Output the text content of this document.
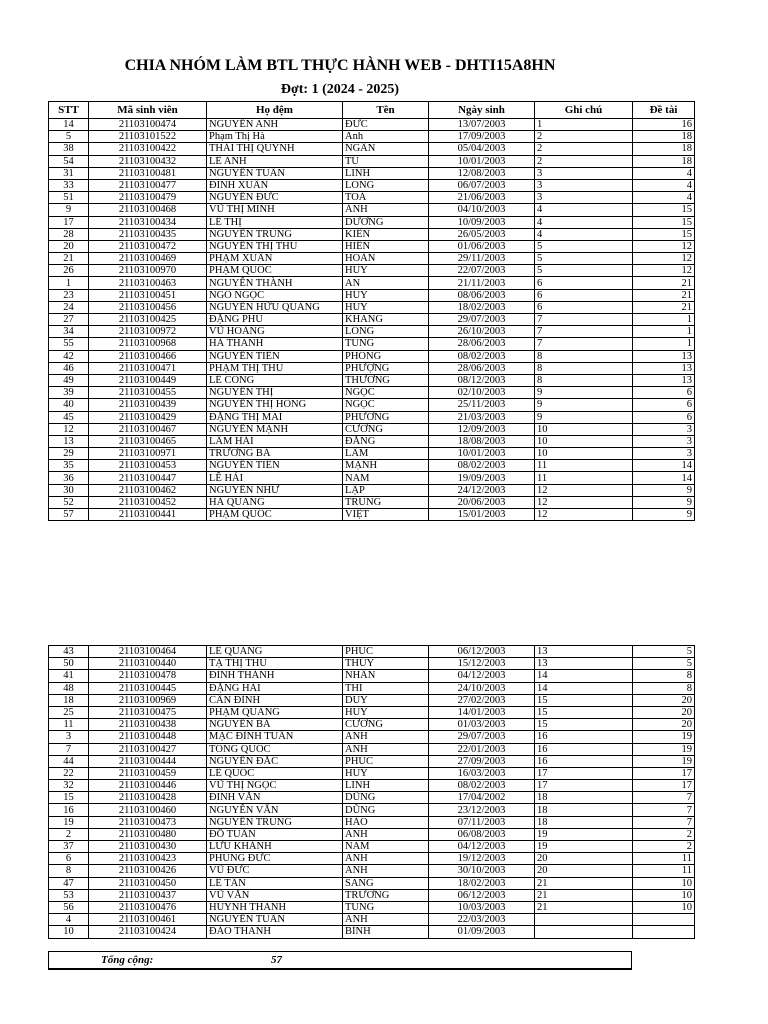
CHIA NHÓM LÀM BTL THỰC HÀNH WEB - DHTI15A8HN
Đợt: 1 (2024 - 2025)
STT	Mã sinh viên	Họ đệm	Tên	Ngày sinh	Ghi chú	Đề tài
14	21103100474	NGUYỄN ANH	ĐỨC	13/07/2003	1	16
5	21103101522	Phạm Thị Hà	Anh	17/09/2003	2	18
38	21103100422	THÁI THỊ QUỲNH	NGÂN	05/04/2003	2	18
54	21103100432	LÊ ANH	TÚ	10/01/2003	2	18
31	21103100481	NGUYỄN TUẤN	LINH	12/08/2003	3	4
33	21103100477	ĐINH XUÂN	LONG	06/07/2003	3	4
51	21103100479	NGUYỄN ĐỨC	TOÀ	21/06/2003	3	4
9	21103100468	VŨ THỊ MINH	ÁNH	04/10/2003	4	15
17	21103100434	LÊ THỊ	DƯƠNG	10/09/2003	4	15
28	21103100435	NGUYỄN TRUNG	KIÊN	26/05/2003	4	15
20	21103100472	NGUYỄN THỊ THU	HIỀN	01/06/2003	5	12
21	21103100469	PHẠM XUÂN	HOÀN	29/11/2003	5	12
26	21103100970	PHẠM QUỐC	HUY	22/07/2003	5	12
1	21103100463	NGUYỄN THÀNH	AN	21/11/2003	6	21
23	21103100451	NGÔ NGỌC	HUY	08/06/2003	6	21
24	21103100456	NGUYỄN HỮU QUANG	HUY	18/02/2003	6	21
27	21103100425	ĐẶNG PHÚ	KHANG	29/07/2003	7	1
34	21103100972	VŨ HOÀNG	LONG	26/10/2003	7	1
55	21103100968	HÀ THANH	TÙNG	28/06/2003	7	1
42	21103100466	NGUYỄN TIẾN	PHONG	08/02/2003	8	13
46	21103100471	PHẠM THỊ THU	PHƯỢNG	28/06/2003	8	13
49	21103100449	LÊ CÔNG	THƯƠNG	08/12/2003	8	13
39	21103100455	NGUYỄN THỊ	NGỌC	02/10/2003	9	6
40	21103100439	NGUYỄN THỊ HỒNG	NGỌC	25/11/2003	9	6
45	21103100429	ĐẶNG THỊ MAI	PHƯƠNG	21/03/2003	9	6
12	21103100467	NGUYỄN MẠNH	CƯỜNG	12/09/2003	10	3
13	21103100465	LÂM HẢI	ĐĂNG	18/08/2003	10	3
29	21103100971	TRƯƠNG BÁ	LÂM	10/01/2003	10	3
35	21103100453	NGUYỄN TIẾN	MẠNH	08/02/2003	11	14
36	21103100447	LÊ HẢI	NAM	19/09/2003	11	14
30	21103100462	NGUYỄN NHƯ	LẬP	24/12/2003	12	9
52	21103100452	HÀ QUANG	TRUNG	20/06/2003	12	9
57	21103100441	PHẠM QUỐC	VIỆT	15/01/2003	12	9
43	21103100464	LÊ QUANG	PHÚC	06/12/2003	13	5
50	21103100440	TẠ THỊ THU	THÚY	15/12/2003	13	5
41	21103100478	ĐINH THÀNH	NHÂN	04/12/2003	14	8
48	21103100445	ĐẶNG HẢI	THI	24/10/2003	14	8
18	21103100969	CẤN ĐÌNH	DUY	27/02/2003	15	20
25	21103100475	PHẠM QUANG	HUY	14/01/2003	15	20
11	21103100438	NGUYỄN BÁ	CƯỜNG	01/03/2003	15	20
3	21103100448	MẠC ĐÌNH TUẤN	ANH	29/07/2003	16	19
7	21103100427	TỐNG QUỐC	ANH	22/01/2003	16	19
44	21103100444	NGUYỄN ĐẮC	PHÚC	27/09/2003	16	19
22	21103100459	LÊ QUỐC	HUY	16/03/2003	17	17
32	21103100446	VŨ THỊ NGỌC	LINH	08/02/2003	17	17
15	21103100428	ĐINH VĂN	DŨNG	17/04/2002	18	7
16	21103100460	NGUYỄN VĂN	DŨNG	23/12/2003	18	7
19	21103100473	NGUYỄN TRUNG	HẢO	07/11/2003	18	7
2	21103100480	ĐỖ TUẤN	ANH	06/08/2003	19	2
37	21103100430	LƯU KHÁNH	NAM	04/12/2003	19	2
6	21103100423	PHÙNG ĐỨC	ANH	19/12/2003	20	11
8	21103100426	VŨ ĐỨC	ANH	30/10/2003	20	11
47	21103100450	LÊ TẤN	SANG	18/02/2003	21	10
53	21103100437	VŨ VĂN	TRƯỜNG	06/12/2003	21	10
56	21103100476	HUỲNH THANH	TÙNG	10/03/2003	21	10
4	21103100461	NGUYỄN TUẤN	ANH	22/03/2003		
10	21103100424	ĐÀO THANH	BÌNH	01/09/2003		
Tổng cộng:	57
